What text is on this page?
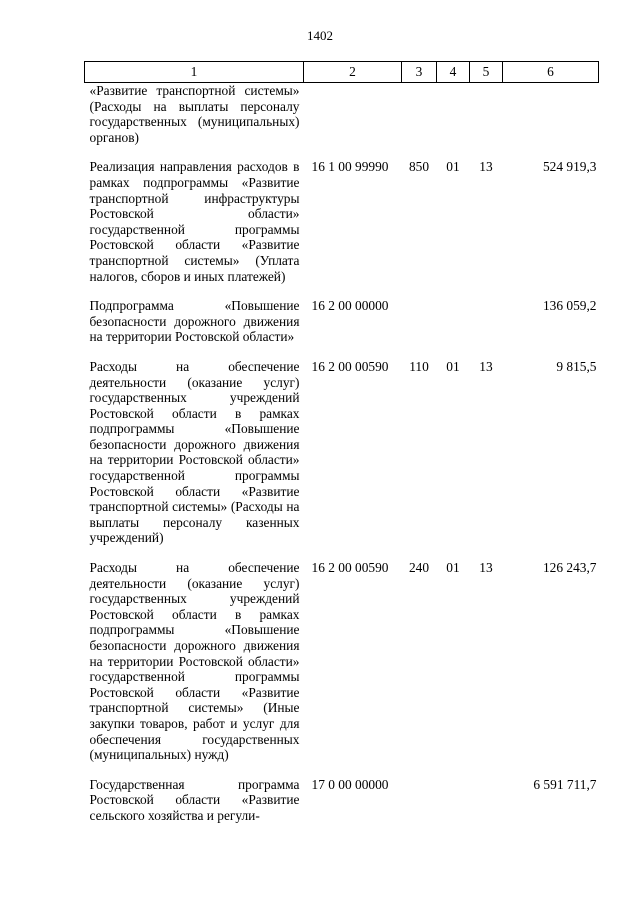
1402
1	2	3	4	5	6
«Развитие транспортной системы» (Расходы на выплаты персоналу государственных (муниципальных) органов)					

Реализация направления расходов в рамках подпрограммы «Развитие транспортной инфраструктуры Ростовской области» государственной программы Ростовской области «Развитие транспортной системы» (Уплата налогов, сборов и иных платежей)	16 1 00 99990	850	01	13	524 919,3

Подпрограмма «Повышение безопасности дорожного движения на территории Ростовской области»	16 2 00 00000				136 059,2

Расходы на обеспечение деятельности (оказание услуг) государственных учреждений Ростовской области в рамках подпрограммы «Повышение безопасности дорожного движения на территории Ростовской области» государственной программы Ростовской области «Развитие транспортной системы» (Расходы на выплаты персоналу казенных учреждений)	16 2 00 00590	110	01	13	9 815,5

Расходы на обеспечение деятельности (оказание услуг) государственных учреждений Ростовской области в рамках подпрограммы «Повышение безопасности дорожного движения на территории Ростовской области» государственной программы Ростовской области «Развитие транспортной системы» (Иные закупки товаров, работ и услуг для обеспечения государственных (муниципальных) нужд)	16 2 00 00590	240	01	13	126 243,7

Государственная программа Ростовской области «Развитие сельского хозяйства и регули-	17 0 00 00000				6 591 711,7
